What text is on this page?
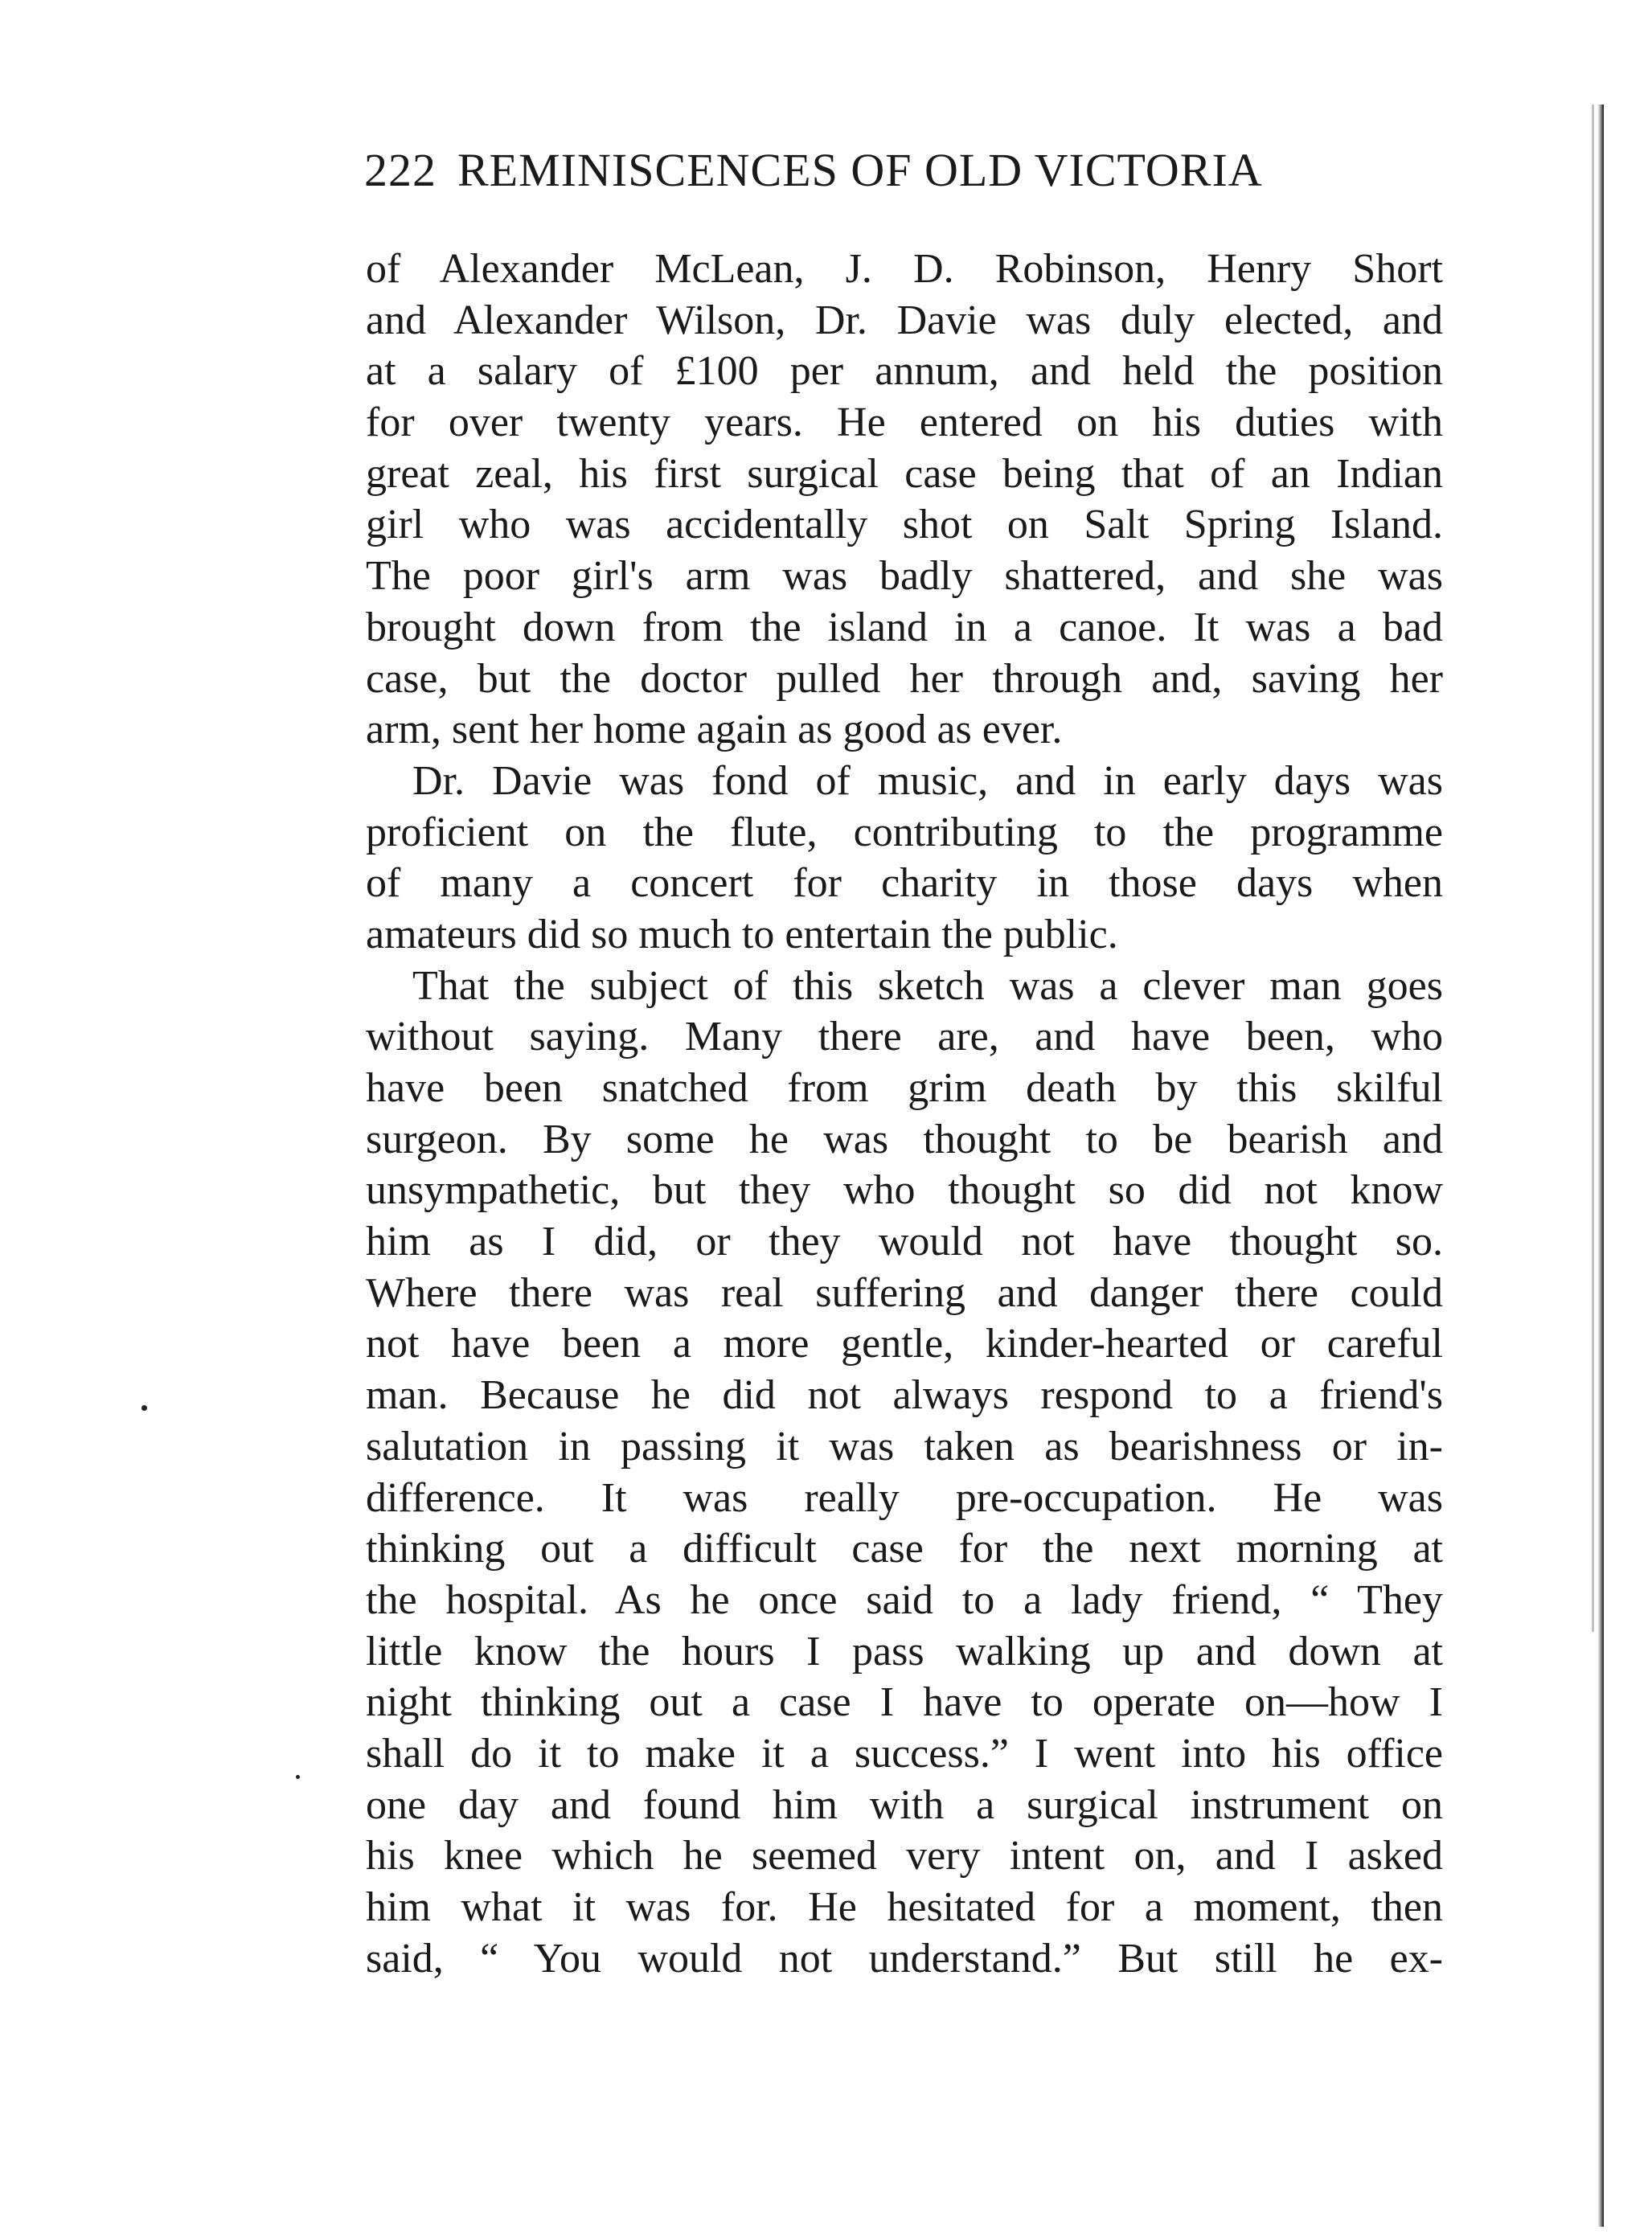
222 REMINISCENCES OF OLD VICTORIA
of Alexander McLean, J. D. Robinson, Henry Short
and Alexander Wilson, Dr. Davie was duly elected, and
at a salary of £100 per annum, and held the position
for over twenty years. He entered on his duties with
great zeal, his first surgical case being that of an Indian
girl who was accidentally shot on Salt Spring Island.
The poor girl's arm was badly shattered, and she was
brought down from the island in a canoe. It was a bad
case, but the doctor pulled her through and, saving her
arm, sent her home again as good as ever.
Dr. Davie was fond of music, and in early days was
proficient on the flute, contributing to the programme
of many a concert for charity in those days when
amateurs did so much to entertain the public.
That the subject of this sketch was a clever man goes
without saying. Many there are, and have been, who
have been snatched from grim death by this skilful
surgeon. By some he was thought to be bearish and
unsympathetic, but they who thought so did not know
him as I did, or they would not have thought so.
Where there was real suffering and danger there could
not have been a more gentle, kinder-hearted or careful
man. Because he did not always respond to a friend's
salutation in passing it was taken as bearishness or in-
difference. It was really pre-occupation. He was
thinking out a difficult case for the next morning at
the hospital. As he once said to a lady friend, “ They
little know the hours I pass walking up and down at
night thinking out a case I have to operate on—how I
shall do it to make it a success.” I went into his office
one day and found him with a surgical instrument on
his knee which he seemed very intent on, and I asked
him what it was for. He hesitated for a moment, then
said, “ You would not understand.” But still he ex-
